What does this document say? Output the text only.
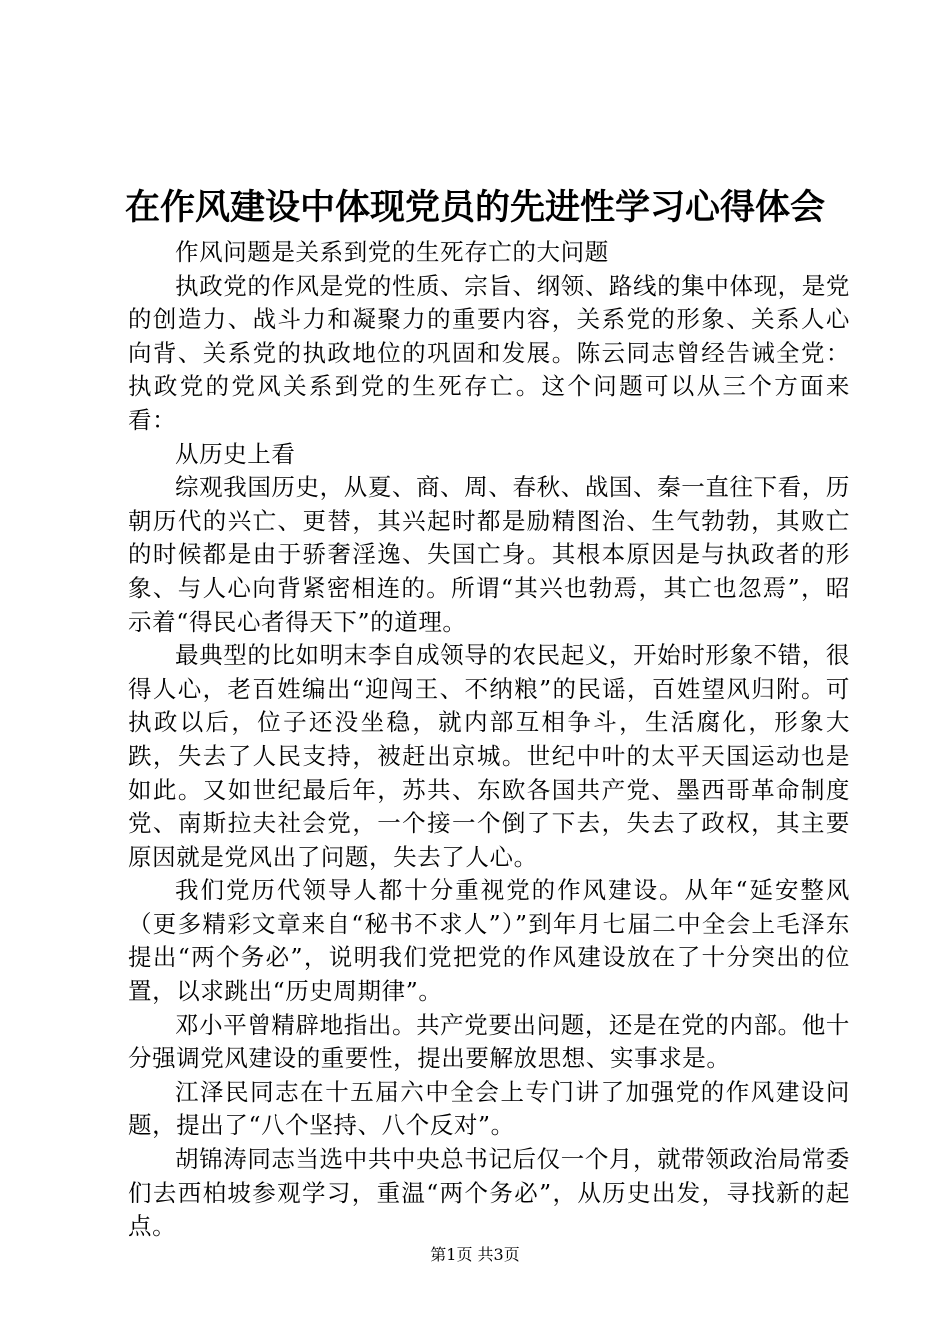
在作风建设中体现党员的先进性学习心得体会

作风问题是关系到党的生死存亡的大问题

执政党的作风是党的性质、宗旨、纲领、路线的集中体现，是党的创造力、战斗力和凝聚力的重要内容，关系党的形象、关系人心向背、关系党的执政地位的巩固和发展。陈云同志曾经告诫全党：执政党的党风关系到党的生死存亡。这个问题可以从三个方面来看：

从历史上看

综观我国历史，从夏、商、周、春秋、战国、秦一直往下看，历朝历代的兴亡、更替，其兴起时都是励精图治、生气勃勃，其败亡的时候都是由于骄奢淫逸、失国亡身。其根本原因是与执政者的形象、与人心向背紧密相连的。所谓“其兴也勃焉，其亡也忽焉”，昭示着“得民心者得天下”的道理。

最典型的比如明末李自成领导的农民起义，开始时形象不错，很得人心，老百姓编出“迎闯王、不纳粮”的民谣，百姓望风归附。可执政以后，位子还没坐稳，就内部互相争斗，生活腐化，形象大跌，失去了人民支持，被赶出京城。世纪中叶的太平天国运动也是如此。又如世纪最后年，苏共、东欧各国共产党、墨西哥革命制度党、南斯拉夫社会党，一个接一个倒了下去，失去了政权，其主要原因就是党风出了问题，失去了人心。

我们党历代领导人都十分重视党的作风建设。从年“延安整风（更多精彩文章来自“秘书不求人”）”到年月七届二中全会上毛泽东提出“两个务必”，说明我们党把党的作风建设放在了十分突出的位置，以求跳出“历史周期律”。

邓小平曾精辟地指出。共产党要出问题，还是在党的内部。他十分强调党风建设的重要性，提出要解放思想、实事求是。

江泽民同志在十五届六中全会上专门讲了加强党的作风建设问题，提出了“八个坚持、八个反对”。

胡锦涛同志当选中共中央总书记后仅一个月，就带领政治局常委们去西柏坡参观学习，重温“两个务必”，从历史出发，寻找新的起点。

第1页 共3页
